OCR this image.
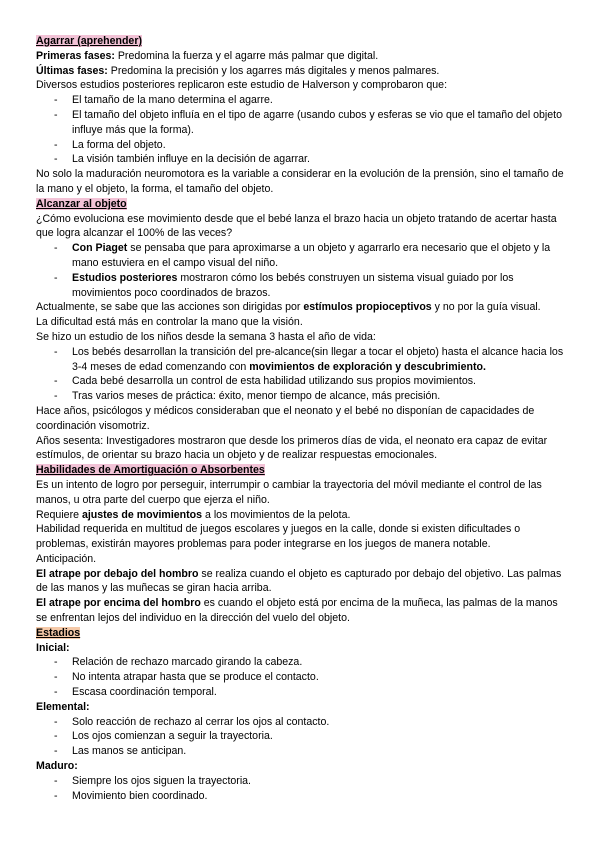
Agarrar (aprehender)

Primeras fases: Predomina la fuerza y el agarre más palmar que digital.

Últimas fases: Predomina la precisión y los agarres más digitales y menos palmares.

Diversos estudios posteriores replicaron este estudio de Halverson y comprobaron que:

- El tamaño de la mano determina el agarre.
- El tamaño del objeto influía en el tipo de agarre (usando cubos y esferas se vio que el tamaño del objeto influye más que la forma).
- La forma del objeto.
- La visión también influye en la decisión de agarrar.

No solo la maduración neuromotora es la variable a considerar en la evolución de la prensión, sino el tamaño de la mano y el objeto, la forma, el tamaño del objeto.

Alcanzar al objeto

¿Cómo evoluciona ese movimiento desde que el bebé lanza el brazo hacia un objeto tratando de acertar hasta que logra alcanzar el 100% de las veces?

- Con Piaget se pensaba que para aproximarse a un objeto y agarrarlo era necesario que el objeto y la mano estuviera en el campo visual del niño.
- Estudios posteriores mostraron cómo los bebés construyen un sistema visual guiado por los movimientos poco coordinados de brazos.

Actualmente, se sabe que las acciones son dirigidas por estímulos propioceptivos y no por la guía visual.

La dificultad está más en controlar la mano que la visión.

Se hizo un estudio de los niños desde la semana 3 hasta el año de vida:

- Los bebés desarrollan la transición del pre-alcance(sin llegar a tocar el objeto) hasta el alcance hacia los 3-4 meses de edad comenzando con movimientos de exploración y descubrimiento.
- Cada bebé desarrolla un control de esta habilidad utilizando sus propios movimientos.
- Tras varios meses de práctica: éxito, menor tiempo de alcance, más precisión.

Hace años, psicólogos y médicos consideraban que el neonato y el bebé no disponían de capacidades de coordinación visomotriz.

Años sesenta: Investigadores mostraron que desde los primeros días de vida, el neonato era capaz de evitar estímulos, de orientar su brazo hacia un objeto y de realizar respuestas emocionales.

Habilidades de Amortiguación o Absorbentes

Es un intento de logro por perseguir, interrumpir o cambiar la trayectoria del móvil mediante el control de las manos, u otra parte del cuerpo que ejerza el niño.

Requiere ajustes de movimientos a los movimientos de la pelota.

Habilidad requerida en multitud de juegos escolares y juegos en la calle, donde si existen dificultades o problemas, existirán mayores problemas para poder integrarse en los juegos de manera notable.

Anticipación.

El atrape por debajo del hombro se realiza cuando el objeto es capturado por debajo del objetivo. Las palmas de las manos y las muñecas se giran hacia arriba.

El atrape por encima del hombro es cuando el objeto está por encima de la muñeca, las palmas de la manos se enfrentan lejos del individuo en la dirección del vuelo del objeto.

Estadios

Inicial:

- Relación de rechazo marcado girando la cabeza.
- No intenta atrapar hasta que se produce el contacto.
- Escasa coordinación temporal.

Elemental:

- Solo reacción de rechazo al cerrar los ojos al contacto.
- Los ojos comienzan a seguir la trayectoria.
- Las manos se anticipan.

Maduro:

- Siempre los ojos siguen la trayectoria.
- Movimiento bien coordinado.
